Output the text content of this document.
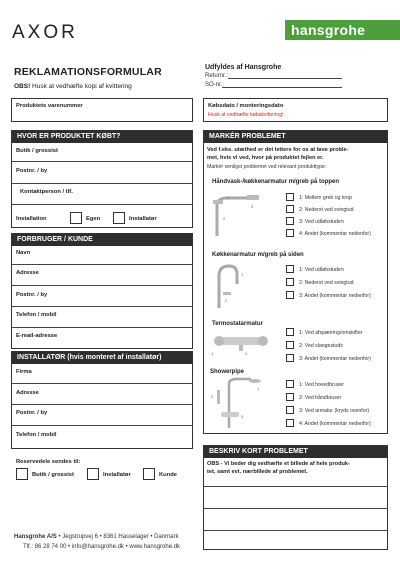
AXOR	hansgrohe
REKLAMATIONSFORMULAR
OBS! Husk at vedhæfte kopi af kvittering
Udfyldes af Hansgrohe
Returnr.:
SO-nr.:
Produktets varenummer	Købsdato / monteringsdato
Husk at vedhæfte købskvittering!
HVOR ER PRODUKTET KØBT?
Butik / grossist
Postnr. / by
Kontaktperson / tlf.
Installation	Egen	Installatør
FORBRUGER / KUNDE
Navn
Adresse
Postnr. / by
Telefon / mobil
E-mail-adresse
INSTALLATØR (hvis monteret af installatør)
Firma
Adresse
Postnr. / by
Telefon / mobil
Reservedele sendes til:
Butik / grossist	Installatør	Kunde
MARKÉR PROBLEMET
Ved f.eks. utæthed er det lettere for os at løse proble-
met, hvis vi ved, hvor på produktet fejlen er.
Markér venligst problemet ved relevant produkttype:
Håndvask-/køkkenarmatur m/greb på toppen
1
2
3
1: Mellem greb og krop
2: Nederst ved svingtud
3: Ved udløbstuden
4: Andet (kommentar nedenfor)
Køkkenarmatur m/greb på siden
1
2
1: Ved udløbstuden
2: Nederst ved svingtud
3: Andet (kommentar nedenfor)
Termostatarmatur
1	2
1: Ved afspærring/omskifter
2: Ved slangestuds
3: Andet (kommentar nedenfor)
Showerpipe
1
2
3
1: Ved hovedbruser
2: Ved håndbruser
3: Ved armatur (kryds ovenfor)
4: Andet (kommentar nedenfor)
BESKRIV KORT PROBLEMET
OBS - Vi beder dig vedhæfte et billede af hele produk-
tet, samt evt. nærbillede af problemet.
Hansgrohe A/S • Jegstrupvej 6 • 8361 Hasselager • Danmark
Tlf.: 86 28 74 00 • info@hansgrohe.dk • www.hansgrohe.dk
